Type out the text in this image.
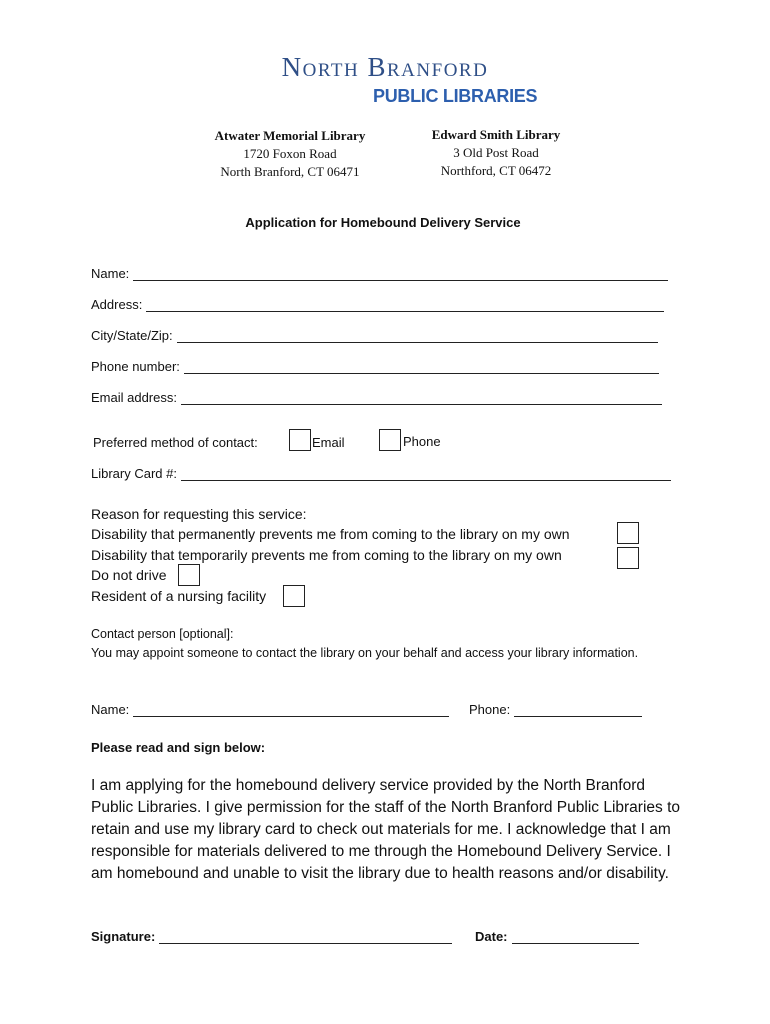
North Branford
PUBLIC LIBRARIES
Atwater Memorial Library
1720 Foxon Road
North Branford, CT 06471
Edward Smith Library
3 Old Post Road
Northford, CT 06472
Application for Homebound Delivery Service
Name:
Address:
City/State/Zip:
Phone number:
Email address:
Preferred method of contact:	Email	Phone
Library Card #:
Reason for requesting this service:
Disability that permanently prevents me from coming to the library on my own
Disability that temporarily prevents me from coming to the library on my own
Do not drive
Resident of a nursing facility
Contact person [optional]:
You may appoint someone to contact the library on your behalf and access your library information.
Name:	Phone:
Please read and sign below:
I am applying for the homebound delivery service provided by the North Branford Public Libraries. I give permission for the staff of the North Branford Public Libraries to retain and use my library card to check out materials for me. I acknowledge that I am responsible for materials delivered to me through the Homebound Delivery Service. I am homebound and unable to visit the library due to health reasons and/or disability.
Signature:	Date:
